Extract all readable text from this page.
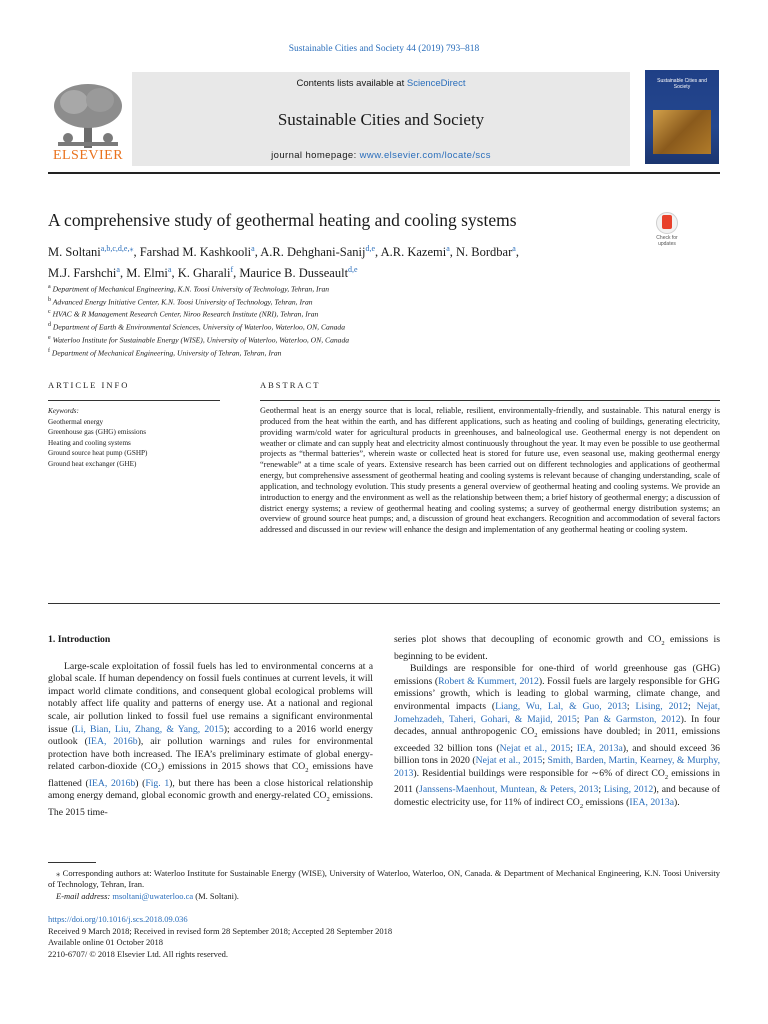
Sustainable Cities and Society 44 (2019) 793–818
ELSEVIER
Contents lists available at ScienceDirect
Sustainable Cities and Society
journal homepage: www.elsevier.com/locate/scs
Sustainable Cities and Society
A comprehensive study of geothermal heating and cooling systems
Check for updates
M. Soltani$^{a,b,c,d,e,⁎}$, Farshad M. Kashkooli$^a$, A.R. Dehghani-Sanij$^{d,e}$, A.R. Kazemi$^a$, N. Bordbar$^a$,
M.J. Farshchi$^a$, M. Elmi$^a$, K. Gharali$^f$, Maurice B. Dusseault$^{d,e}$
$^a$ Department of Mechanical Engineering, K.N. Toosi University of Technology, Tehran, Iran
$^b$ Advanced Energy Initiative Center, K.N. Toosi University of Technology, Tehran, Iran
$^c$ HVAC & R Management Research Center, Niroo Research Institute (NRI), Tehran, Iran
$^d$ Department of Earth & Environmental Sciences, University of Waterloo, Waterloo, ON, Canada
$^e$ Waterloo Institute for Sustainable Energy (WISE), University of Waterloo, Waterloo, ON, Canada
$^f$ Department of Mechanical Engineering, University of Tehran, Tehran, Iran
ARTICLE INFO	ABSTRACT
Keywords:
Geothermal energy
Greenhouse gas (GHG) emissions
Heating and cooling systems
Ground source heat pump (GSHP)
Ground heat exchanger (GHE)
Geothermal heat is an energy source that is local, reliable, resilient, environmentally-friendly, and sustainable. This natural energy is produced from the heat within the earth, and has different applications, such as heating and cooling of buildings, generating electricity, providing warm/cold water for agricultural products in greenhouses, and balneological use. Geothermal energy is not dependent on weather or climate and can supply heat and electricity almost continuously throughout the year. It may even be possible to use geothermal projects as “thermal batteries”, wherein waste or collected heat is stored for future use, even seasonal use, making geothermal energy “renewable” at a time scale of years. Extensive research has been carried out on different technologies and applications of geothermal energy, but comprehensive assessment of geothermal heating and cooling systems is relevant because of changing understanding, scale of application, and technology evolution. This study presents a general overview of geothermal heating and cooling systems. We provide an introduction to energy and the environment as well as the relationship between them; a brief history of geothermal energy; a discussion of district energy systems; a review of geothermal heating and cooling systems; a survey of geothermal energy distribution systems; an overview of ground source heat pumps; and, a discussion of ground heat exchangers. Recognition and accommodation of several factors addressed and discussed in our review will enhance the design and implementation of any geothermal heating or cooling system.
1. Introduction

Large-scale exploitation of fossil fuels has led to environmental concerns at a global scale. If human dependency on fossil fuels continues at current levels, it will impact world climate conditions, and consequent global ecological problems will notably affect life quality and patterns of energy use. At a national and regional scale, air pollution linked to fossil fuel use remains a significant environmental issue (Li, Bian, Liu, Zhang, & Yang, 2015); according to a 2016 world energy outlook (IEA, 2016b), air pollution warnings and rules for environmental protection have both increased. The IEA’s preliminary estimate of global energy-related carbon-dioxide $(CO_2)$ emissions in 2015 shows that $CO_2$ emissions have flattened (IEA, 2016b) (Fig. 1), but there has been a close historical relationship among energy demand, global economic growth and energy-related $CO_2$ emissions. The 2015 time-

series plot shows that decoupling of economic growth and $CO_2$ emissions is beginning to be evident.

Buildings are responsible for one-third of world greenhouse gas (GHG) emissions (Robert & Kummert, 2012). Fossil fuels are largely responsible for GHG emissions’ growth, which is leading to global warming, climate change, and environmental impacts (Liang, Wu, Lal, & Guo, 2013; Lising, 2012; Nejat, Jomehzadeh, Taheri, Gohari, & Majid, 2015; Pan & Garmston, 2012). In four decades, annual anthropogenic $CO_2$ emissions have doubled; in 2011, emissions exceeded 32 billion tons (Nejat et al., 2015; IEA, 2013a), and should exceed 36 billion tons in 2020 (Nejat et al., 2015; Smith, Barden, Martin, Kearney, & Murphy, 2013). Residential buildings were responsible for ∼6% of direct $CO_2$ emissions in 2011 (Janssens-Maenhout, Muntean, & Peters, 2013; Lising, 2012), and because of domestic electricity use, for 11% of indirect $CO_2$ emissions (IEA, 2013a).

⁎ Corresponding authors at: Waterloo Institute for Sustainable Energy (WISE), University of Waterloo, Waterloo, ON, Canada. & Department of Mechanical Engineering, K.N. Toosi University of Technology, Tehran, Iran.
E-mail address: msoltani@uwaterloo.ca (M. Soltani).
https://doi.org/10.1016/j.scs.2018.09.036
Received 9 March 2018; Received in revised form 28 September 2018; Accepted 28 September 2018
Available online 01 October 2018
2210-6707/ © 2018 Elsevier Ltd. All rights reserved.
